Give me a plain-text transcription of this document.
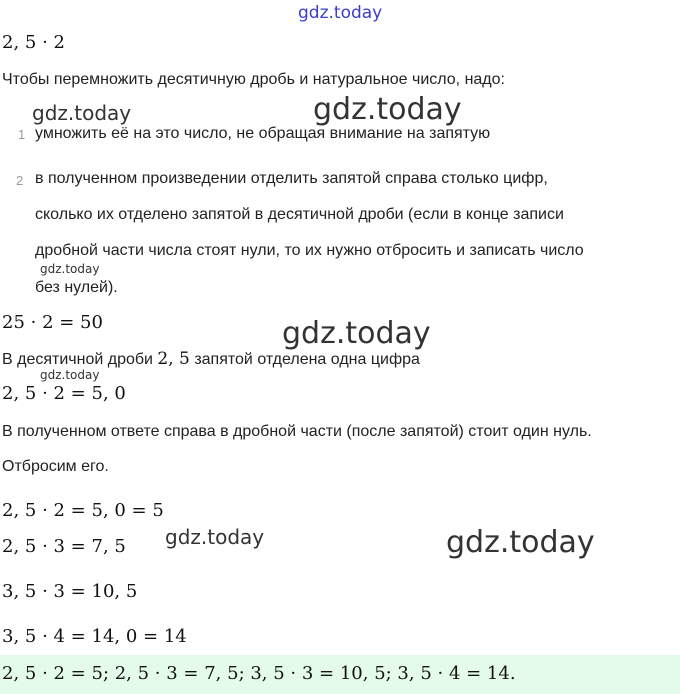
gdz.today
2, 5 · 2
Чтобы перемножить десятичную дробь и натуральное число, надо:
gdz.today	gdz.today
1 умножить её на это число, не обращая внимание на запятую
2 в полученном произведении отделить запятой справа столько цифр,
сколько их отделено запятой в десятичной дроби (если в конце записи
дробной части числа стоят нули, то их нужно отбросить и записать число
gdz.today
без нулей).
25 · 2 = 50	gdz.today
В десятичной дроби 2, 5 запятой отделена одна цифра
gdz.today
2, 5 · 2 = 5, 0
В полученном ответе справа в дробной части (после запятой) стоит один нуль.
Отбросим его.
2, 5 · 2 = 5, 0 = 5
2, 5 · 3 = 7, 5 gdz.today	gdz.today
3, 5 · 3 = 10, 5
3, 5 · 4 = 14, 0 = 14
2, 5 · 2 = 5; 2, 5 · 3 = 7, 5; 3, 5 · 3 = 10, 5; 3, 5 · 4 = 14.
